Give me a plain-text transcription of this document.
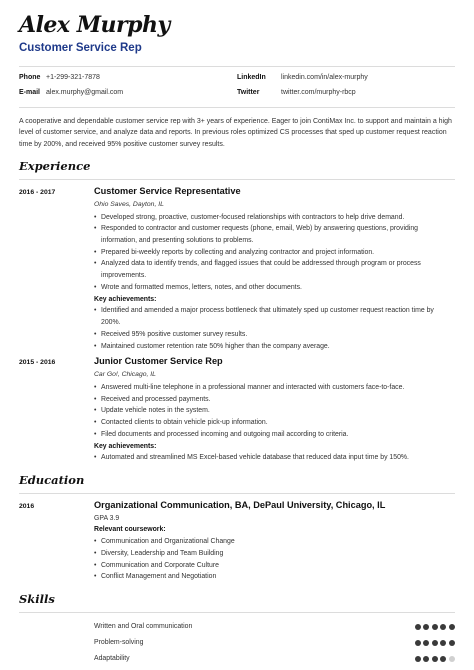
Alex Murphy
Customer Service Rep
Phone +1-299-321-7878	LinkedIn	linkedin.com/in/alex-murphy
E-mail alex.murphy@gmail.com	Twitter	twitter.com/murphy-rbcp

A cooperative and dependable customer service rep with 3+ years of experience. Eager to join ContiMax Inc. to support and maintain a high level of customer service, and analyze data and reports. In previous roles optimized CS processes that sped up customer request reaction time by 200%, and received 95% positive customer survey results.

Experience
2016 - 2017	Customer Service Representative
Ohio Saves, Dayton, IL
• Developed strong, proactive, customer-focused relationships with contractors to help drive demand.
• Responded to contractor and customer requests (phone, email, Web) by answering questions, providing information, and presenting solutions to problems.
• Prepared bi-weekly reports by collecting and analyzing contractor and project information.
• Analyzed data to identify trends, and flagged issues that could be addressed through program or process improvements.
• Wrote and formatted memos, letters, notes, and other documents.
Key achievements:
• Identified and amended a major process bottleneck that ultimately sped up customer request reaction time by 200%.
• Received 95% positive customer survey results.
• Maintained customer retention rate 50% higher than the company average.
2015 - 2016	Junior Customer Service Rep
Car Go!, Chicago, IL
• Answered multi-line telephone in a professional manner and interacted with customers face-to-face.
• Received and processed payments.
• Update vehicle notes in the system.
• Contacted clients to obtain vehicle pick-up information.
• Filed documents and processed incoming and outgoing mail according to criteria.
Key achievements:
• Automated and streamlined MS Excel-based vehicle database that reduced data input time by 150%.
Education
2016	Organizational Communication, BA, DePaul University, Chicago, IL
GPA 3.9
Relevant coursework:
• Communication and Organizational Change
• Diversity, Leadership and Team Building
• Communication and Corporate Culture
• Conflict Management and Negotiation
Skills
Written and Oral communication
Problem-solving
Adaptability
